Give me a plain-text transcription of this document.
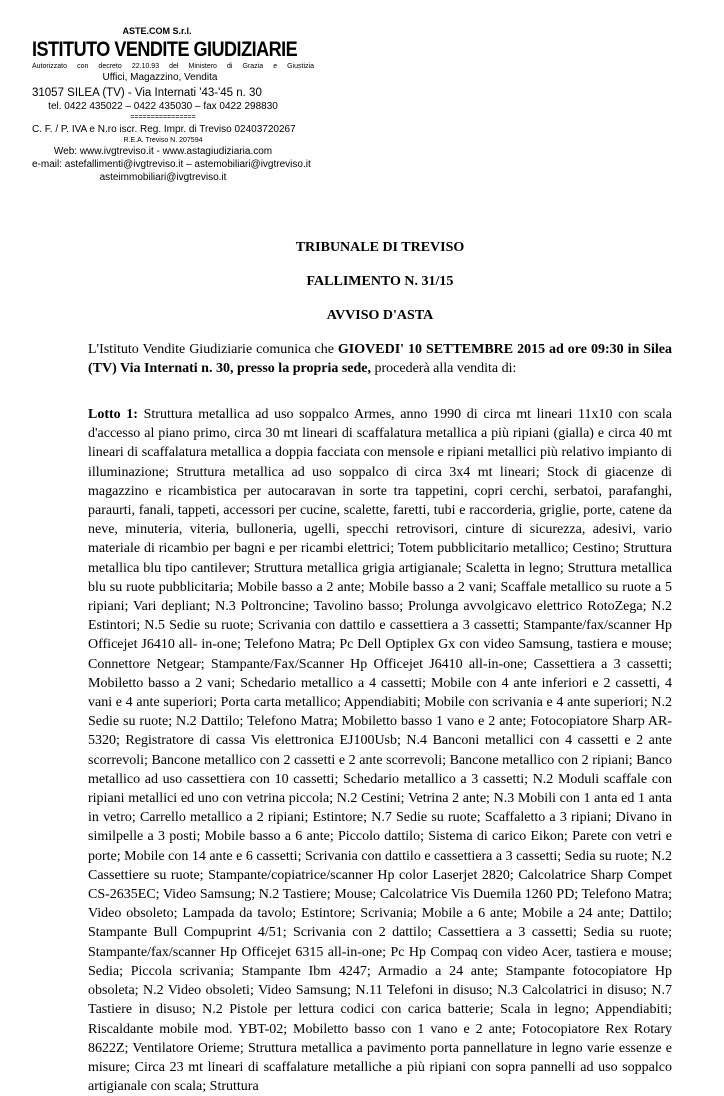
ASTE.COM S.r.l.
ISTITUTO VENDITE GIUDIZIARIE
Autorizzato con decreto 22.10.93 del Ministero di Grazia e Giustizia
Uffici, Magazzino, Vendita
31057 SILEA (TV) - Via Internati '43-'45 n. 30
tel. 0422 435022 – 0422 435030 – fax 0422 298830
================
C. F. / P. IVA e N.ro iscr. Reg. Impr. di Treviso 02403720267
R.E.A. Treviso N. 207594
Web: www.ivgtreviso.it - www.astagiudiziaria.com
e-mail: astefallimenti@ivgtreviso.it – astemobiliari@ivgtreviso.it
asteimmobiliari@ivgtreviso.it
TRIBUNALE DI TREVISO
FALLIMENTO N. 31/15
AVVISO D'ASTA
L'Istituto Vendite Giudiziarie comunica che GIOVEDI' 10 SETTEMBRE 2015 ad ore 09:30 in Silea (TV) Via Internati n. 30, presso la propria sede, procederà alla vendita di:
Lotto 1: Struttura metallica ad uso soppalco Armes, anno 1990 di circa mt lineari 11x10 con scala d'accesso al piano primo, circa 30 mt lineari di scaffalatura metallica a più ripiani (gialla) e circa 40 mt lineari di scaffalatura metallica a doppia facciata con mensole e ripiani metallici più relativo impianto di illuminazione; Struttura metallica ad uso soppalco di circa 3x4 mt lineari; Stock di giacenze di magazzino e ricambistica per autocaravan in sorte tra tappetini, copri cerchi, serbatoi, parafanghi, paraurti, fanali, tappeti, accessori per cucine, scalette, faretti, tubi e raccorderia, griglie, porte, catene da neve, minuteria, viteria, bulloneria, ugelli, specchi retrovisori, cinture di sicurezza, adesivi, vario materiale di ricambio per bagni e per ricambi elettrici; Totem pubblicitario metallico; Cestino; Struttura metallica blu tipo cantilever; Struttura metallica grigia artigianale; Scaletta in legno; Struttura metallica blu su ruote pubblicitaria; Mobile basso a 2 ante; Mobile basso a 2 vani; Scaffale metallico su ruote a 5 ripiani; Vari depliant; N.3 Poltroncine; Tavolino basso; Prolunga avvolgicavo elettrico RotoZega; N.2 Estintori; N.5 Sedie su ruote; Scrivania con dattilo e cassettiera a 3 cassetti; Stampante/fax/scanner Hp Officejet J6410 all- in-one; Telefono Matra; Pc Dell Optiplex Gx con video Samsung, tastiera e mouse; Connettore Netgear; Stampante/Fax/Scanner Hp Officejet J6410 all-in-one; Cassettiera a 3 cassetti; Mobiletto basso a 2 vani; Schedario metallico a 4 cassetti; Mobile con 4 ante inferiori e 2 cassetti, 4 vani e 4 ante superiori; Porta carta metallico; Appendiabiti; Mobile con scrivania e 4 ante superiori; N.2 Sedie su ruote; N.2 Dattilo; Telefono Matra; Mobiletto basso 1 vano e 2 ante; Fotocopiatore Sharp AR-5320; Registratore di cassa Vis elettronica EJ100Usb; N.4 Banconi metallici con 4 cassetti e 2 ante scorrevoli; Bancone metallico con 2 cassetti e 2 ante scorrevoli; Bancone metallico con 2 ripiani; Banco metallico ad uso cassettiera con 10 cassetti; Schedario metallico a 3 cassetti; N.2 Moduli scaffale con ripiani metallici ed uno con vetrina piccola; N.2 Cestini; Vetrina 2 ante; N.3 Mobili con 1 anta ed 1 anta in vetro; Carrello metallico a 2 ripiani; Estintore; N.7 Sedie su ruote; Scaffaletto a 3 ripiani; Divano in similpelle a 3 posti; Mobile basso a 6 ante; Piccolo dattilo; Sistema di carico Eikon; Parete con vetri e porte; Mobile con 14 ante e 6 cassetti; Scrivania con dattilo e cassettiera a 3 cassetti; Sedia su ruote; N.2 Cassettiere su ruote; Stampante/copiatrice/scanner Hp color Laserjet 2820; Calcolatrice Sharp Compet CS-2635EC; Video Samsung; N.2 Tastiere; Mouse; Calcolatrice Vis Duemila 1260 PD; Telefono Matra; Video obsoleto; Lampada da tavolo; Estintore; Scrivania; Mobile a 6 ante; Mobile a 24 ante; Dattilo; Stampante Bull Compuprint 4/51; Scrivania con 2 dattilo; Cassettiera a 3 cassetti; Sedia su ruote; Stampante/fax/scanner Hp Officejet 6315 all-in-one; Pc Hp Compaq con video Acer, tastiera e mouse; Sedia; Piccola scrivania; Stampante Ibm 4247; Armadio a 24 ante; Stampante fotocopiatore Hp obsoleta; N.2 Video obsoleti; Video Samsung; N.11 Telefoni in disuso; N.3 Calcolatrici in disuso; N.7 Tastiere in disuso; N.2 Pistole per lettura codici con carica batterie; Scala in legno; Appendiabiti; Riscaldante mobile mod. YBT-02; Mobiletto basso con 1 vano e 2 ante; Fotocopiatore Rex Rotary 8622Z; Ventilatore Orieme; Struttura metallica a pavimento porta pannellature in legno varie essenze e misure; Circa 23 mt lineari di scaffalature metalliche a più ripiani con sopra pannelli ad uso soppalco artigianale con scala; Struttura
